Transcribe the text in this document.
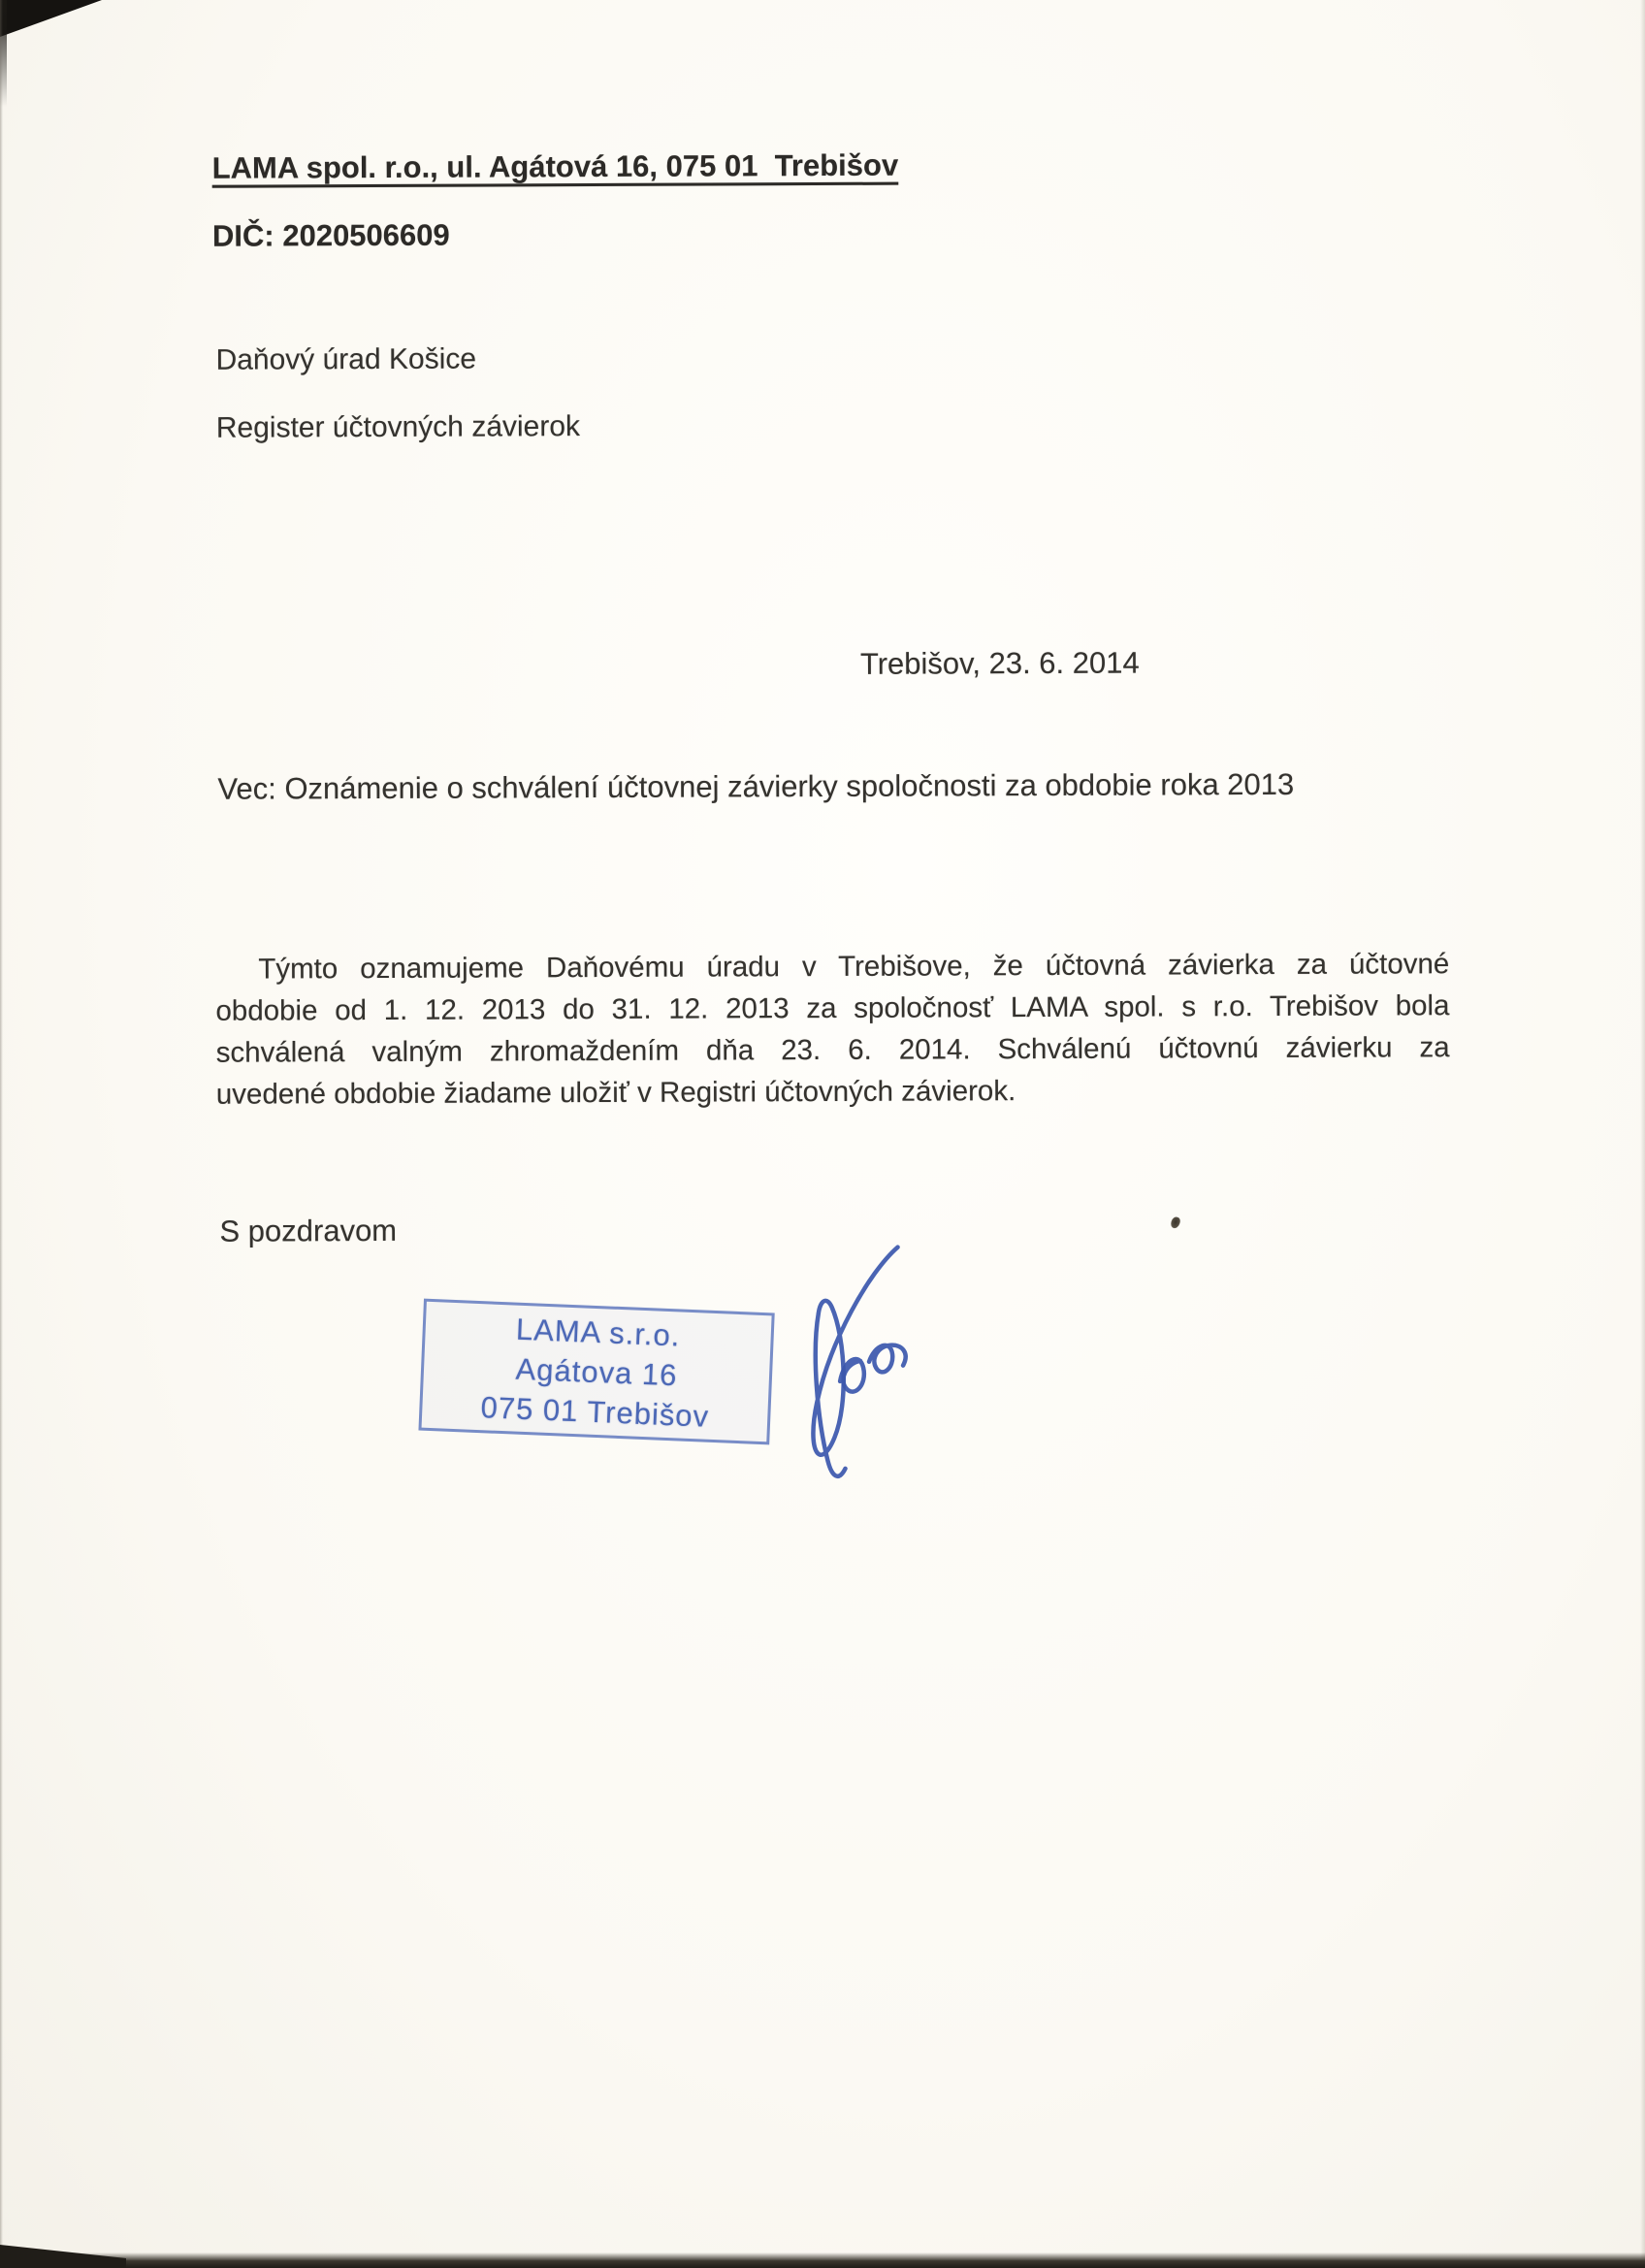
LAMA spol. r.o., ul. Agátová 16, 075 01  Trebišov
DIČ: 2020506609
Daňový úrad Košice
Register účtovných závierok
Trebišov, 23. 6. 2014
Vec: Oznámenie o schválení účtovnej závierky spoločnosti za obdobie roka 2013
Týmto oznamujeme Daňovému úradu v Trebišove, že účtovná závierka za účtovné
obdobie od 1. 12. 2013 do 31. 12. 2013 za spoločnosť LAMA spol. s r.o. Trebišov bola
schválená valným zhromaždením dňa 23. 6. 2014. Schválenú účtovnú závierku za
uvedené obdobie žiadame uložiť v Registri účtovných závierok.
S pozdravom
LAMA s.r.o.
Agátova 16
075 01 Trebišov
